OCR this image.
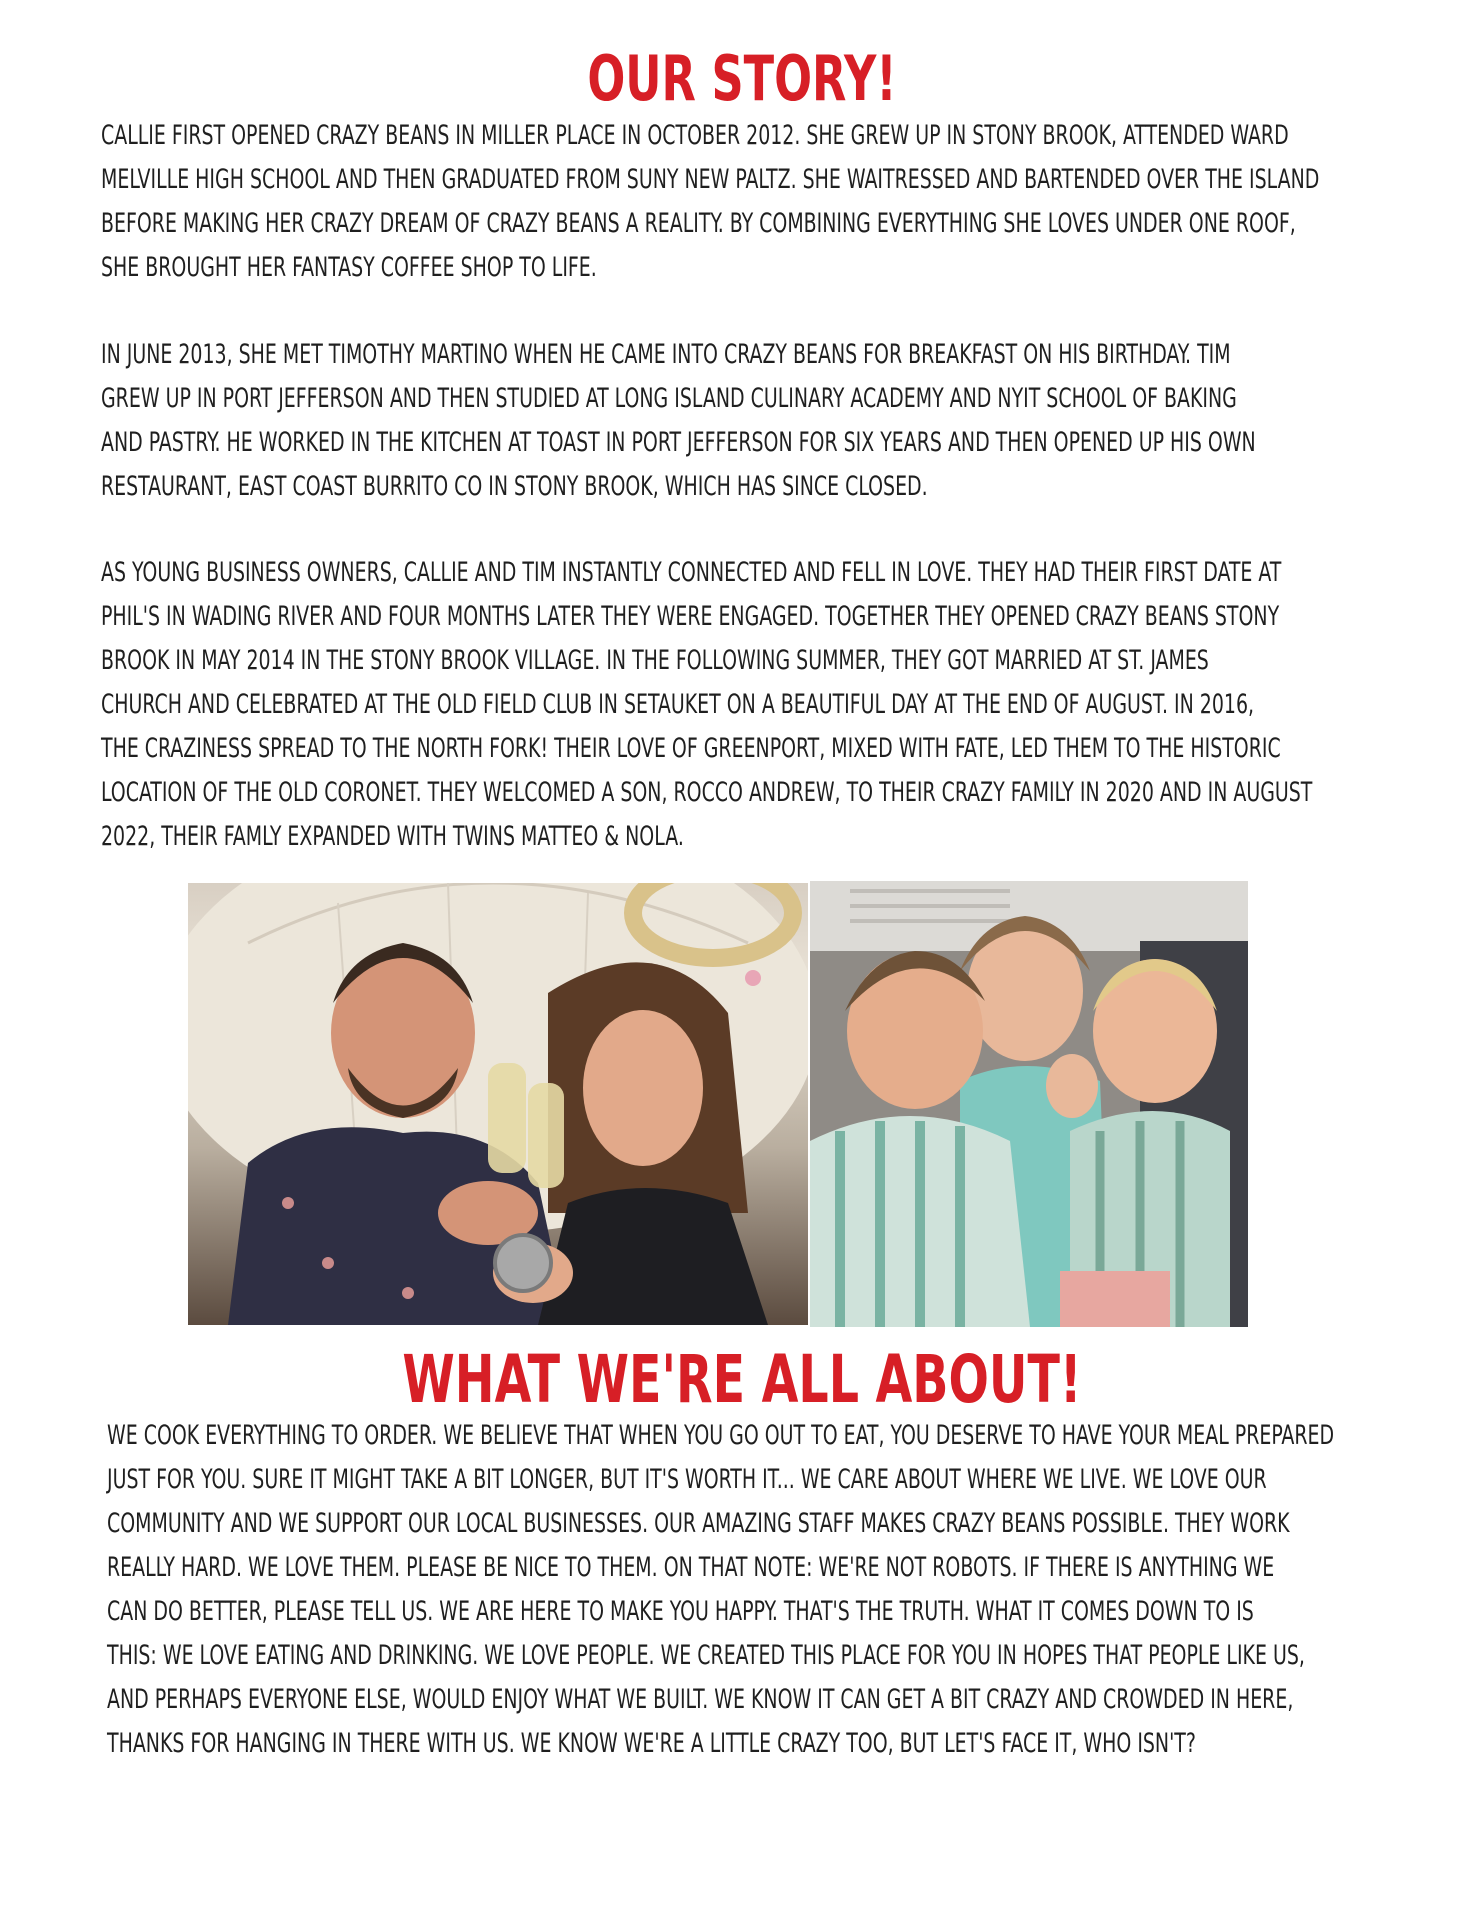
OUR STORY!
CALLIE FIRST OPENED CRAZY BEANS IN MILLER PLACE IN OCTOBER 2012. SHE GREW UP IN STONY BROOK, ATTENDED WARD
MELVILLE HIGH SCHOOL AND THEN GRADUATED FROM SUNY NEW PALTZ. SHE WAITRESSED AND BARTENDED OVER THE ISLAND
BEFORE MAKING HER CRAZY DREAM OF CRAZY BEANS A REALITY. BY COMBINING EVERYTHING SHE LOVES UNDER ONE ROOF,
SHE BROUGHT HER FANTASY COFFEE SHOP TO LIFE.
IN JUNE 2013, SHE MET TIMOTHY MARTINO WHEN HE CAME INTO CRAZY BEANS FOR BREAKFAST ON HIS BIRTHDAY. TIM
GREW UP IN PORT JEFFERSON AND THEN STUDIED AT LONG ISLAND CULINARY ACADEMY AND NYIT SCHOOL OF BAKING
AND PASTRY. HE WORKED IN THE KITCHEN AT TOAST IN PORT JEFFERSON FOR SIX YEARS AND THEN OPENED UP HIS OWN
RESTAURANT, EAST COAST BURRITO CO IN STONY BROOK, WHICH HAS SINCE CLOSED.
AS YOUNG BUSINESS OWNERS, CALLIE AND TIM INSTANTLY CONNECTED AND FELL IN LOVE. THEY HAD THEIR FIRST DATE AT
PHIL'S IN WADING RIVER AND FOUR MONTHS LATER THEY WERE ENGAGED. TOGETHER THEY OPENED CRAZY BEANS STONY
BROOK IN MAY 2014 IN THE STONY BROOK VILLAGE. IN THE FOLLOWING SUMMER, THEY GOT MARRIED AT ST. JAMES
CHURCH AND CELEBRATED AT THE OLD FIELD CLUB IN SETAUKET ON A BEAUTIFUL DAY AT THE END OF AUGUST. IN 2016,
THE CRAZINESS SPREAD TO THE NORTH FORK! THEIR LOVE OF GREENPORT, MIXED WITH FATE, LED THEM TO THE HISTORIC
LOCATION OF THE OLD CORONET. THEY WELCOMED A SON, ROCCO ANDREW, TO THEIR CRAZY FAMILY IN 2020 AND IN AUGUST
2022, THEIR FAMLY EXPANDED WITH TWINS MATTEO & NOLA.
WHAT WE'RE ALL ABOUT!
WE COOK EVERYTHING TO ORDER. WE BELIEVE THAT WHEN YOU GO OUT TO EAT, YOU DESERVE TO HAVE YOUR MEAL PREPARED
JUST FOR YOU. SURE IT MIGHT TAKE A BIT LONGER, BUT IT'S WORTH IT... WE CARE ABOUT WHERE WE LIVE. WE LOVE OUR
COMMUNITY AND WE SUPPORT OUR LOCAL BUSINESSES. OUR AMAZING STAFF MAKES CRAZY BEANS POSSIBLE. THEY WORK
REALLY HARD. WE LOVE THEM. PLEASE BE NICE TO THEM. ON THAT NOTE: WE'RE NOT ROBOTS. IF THERE IS ANYTHING WE
CAN DO BETTER, PLEASE TELL US. WE ARE HERE TO MAKE YOU HAPPY. THAT'S THE TRUTH. WHAT IT COMES DOWN TO IS
THIS: WE LOVE EATING AND DRINKING. WE LOVE PEOPLE. WE CREATED THIS PLACE FOR YOU IN HOPES THAT PEOPLE LIKE US,
AND PERHAPS EVERYONE ELSE, WOULD ENJOY WHAT WE BUILT. WE KNOW IT CAN GET A BIT CRAZY AND CROWDED IN HERE,
THANKS FOR HANGING IN THERE WITH US. WE KNOW WE'RE A LITTLE CRAZY TOO, BUT LET'S FACE IT, WHO ISN'T?
